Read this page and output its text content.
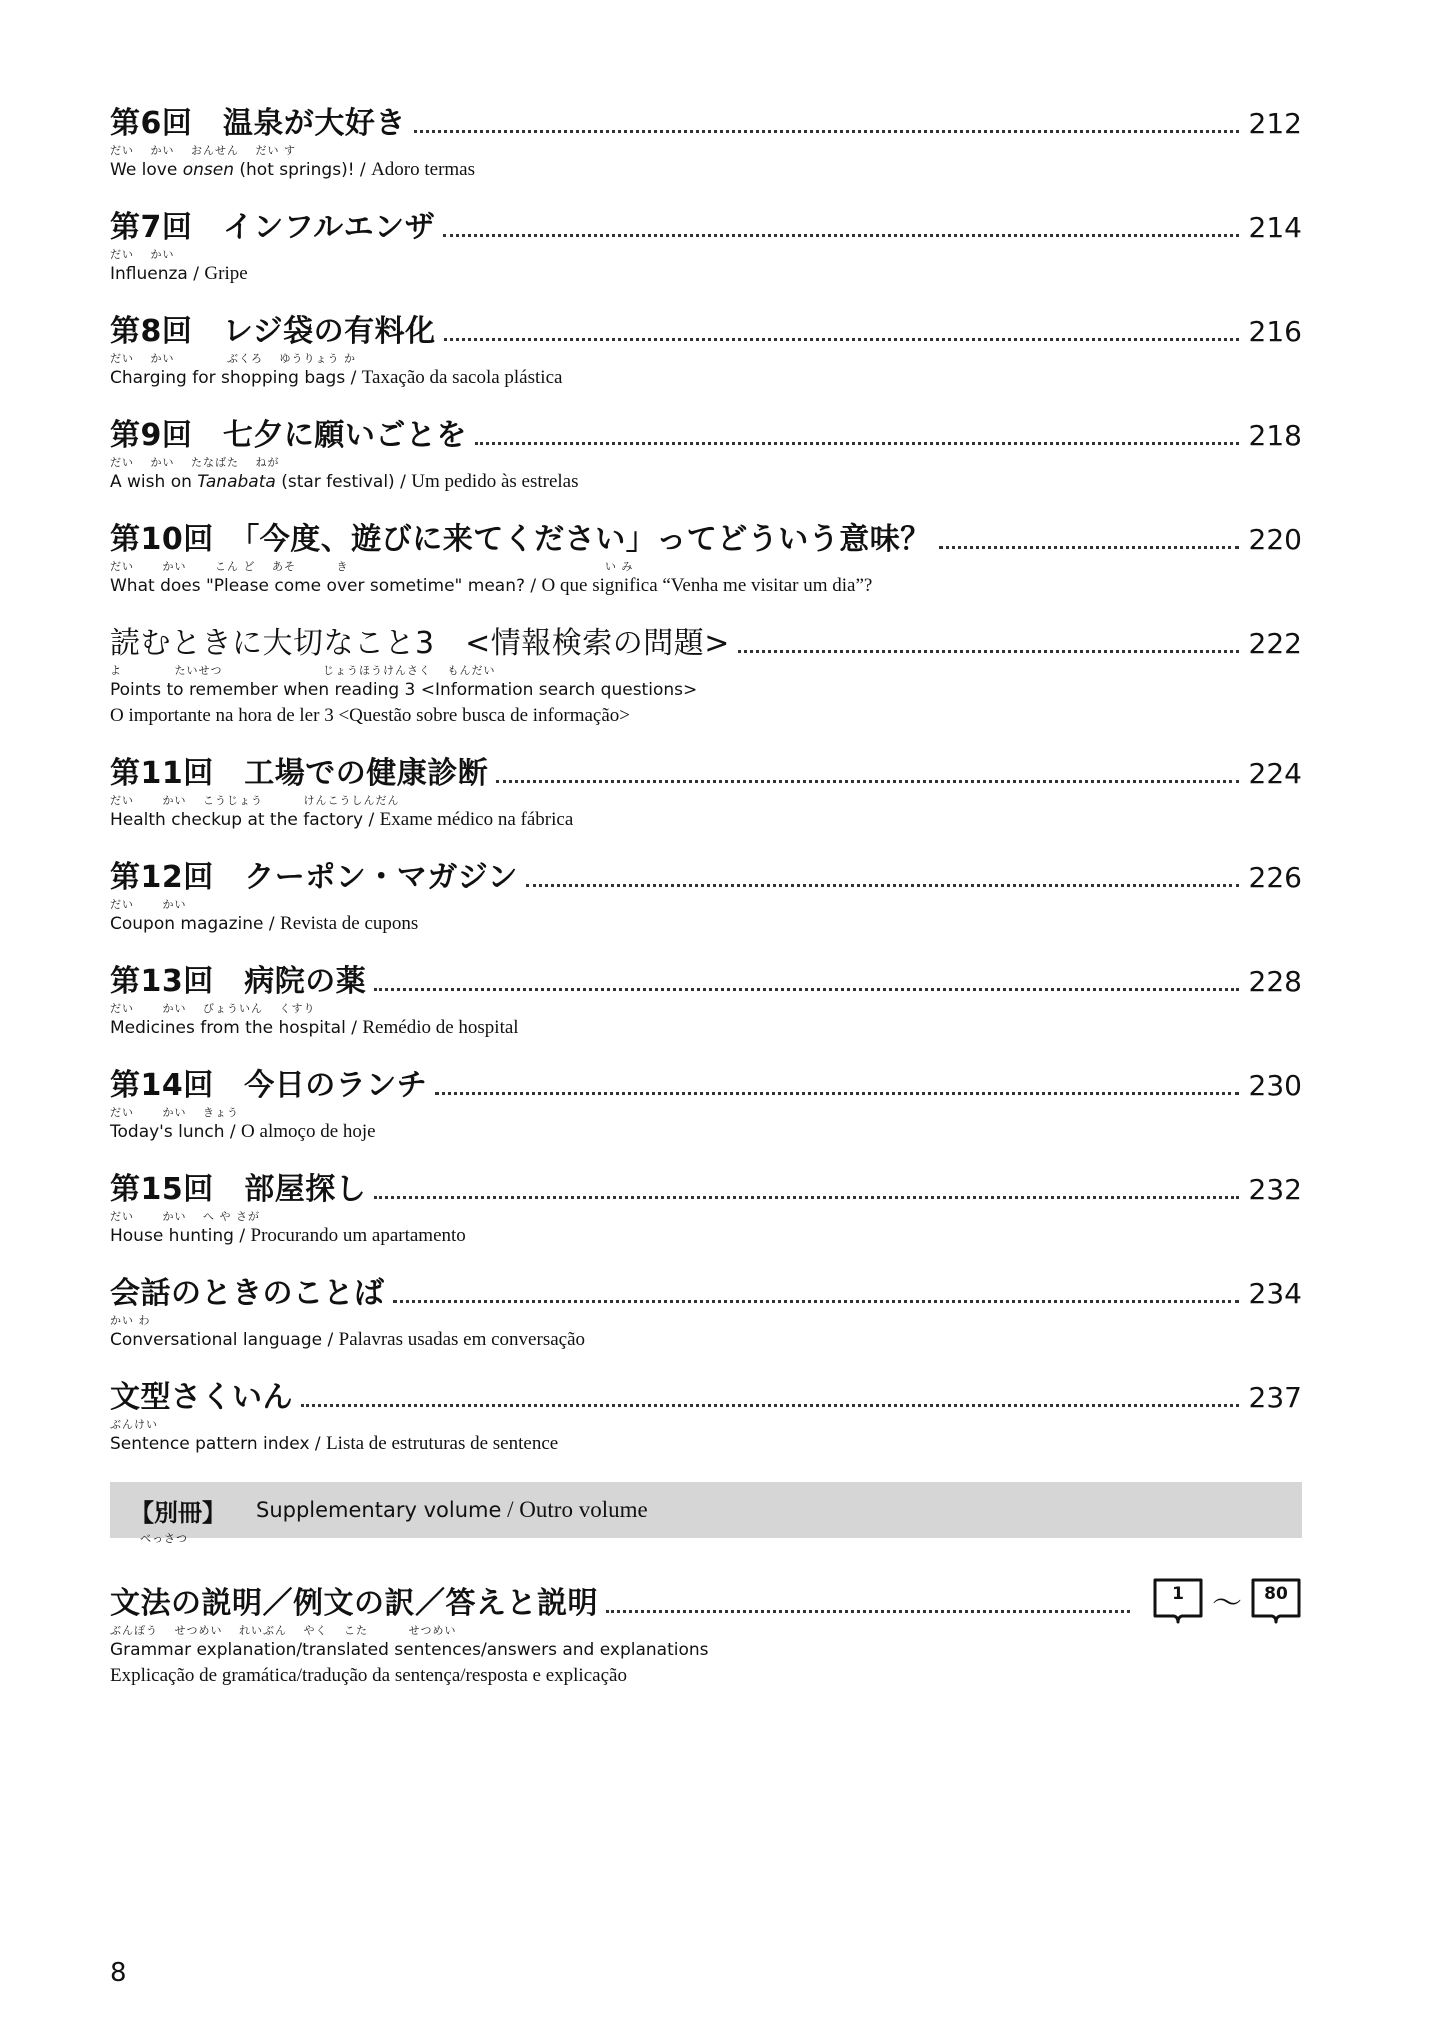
第6回　温泉が大好き	212
だい　 かい　 おんせん　 だい す
We love onsen (hot springs)! / Adoro termas
第7回　インフルエンザ	214
だい　 かい
Influenza / Gripe
第8回　レジ袋の有料化	216
だい　 かい　　　　 ぶくろ　 ゆうりょう か
Charging for shopping bags / Taxação da sacola plástica
第9回　七夕に願いごとを	218
だい　 かい　 たなばた　 ねが
A wish on Tanabata (star festival) / Um pedido às estrelas
第10回　「今度、遊びに来てください」ってどういう意味？	220
だい　　 かい　　 こん ど　 あそ　　　 き　　　　　　　　　　　　　　　　　　　　　 い み
What does "Please come over sometime" mean? / O que significa “Venha me visitar um dia”?
読むときに大切なこと3　<情報検索の問題>	222
よ　　　　 たいせつ　　　　　　　　 じょうほうけんさく　 もんだい
Points to remember when reading 3 <Information search questions>
O importante na hora de ler 3 <Questão sobre busca de informação>
第11回　工場での健康診断	224
だい　　 かい　 こうじょう　　　 けんこうしんだん
Health checkup at the factory / Exame médico na fábrica
第12回　クーポン・マガジン	226
だい　　 かい
Coupon magazine / Revista de cupons
第13回　病院の薬	228
だい　　 かい　 びょういん　 くすり
Medicines from the hospital / Remédio de hospital
第14回　今日のランチ	230
だい　　 かい　 きょう
Today's lunch / O almoço de hoje
第15回　部屋探し	232
だい　　 かい　 へ や さが
House hunting / Procurando um apartamento
会話のときのことば	234
かい わ
Conversational language / Palavras usadas em conversação
文型さくいん	237
ぶんけい
Sentence pattern index / Lista de estruturas de sentence
【別冊】 Supplementary volume / Outro volume
べっさつ
文法の説明／例文の訳／答えと説明	1 〜	80
ぶんぽう　 せつめい　 れいぶん　 やく　 こた　　　 せつめい
Grammar explanation/translated sentences/answers and explanations
Explicação de gramática/tradução da sentença/resposta e explicação
8
